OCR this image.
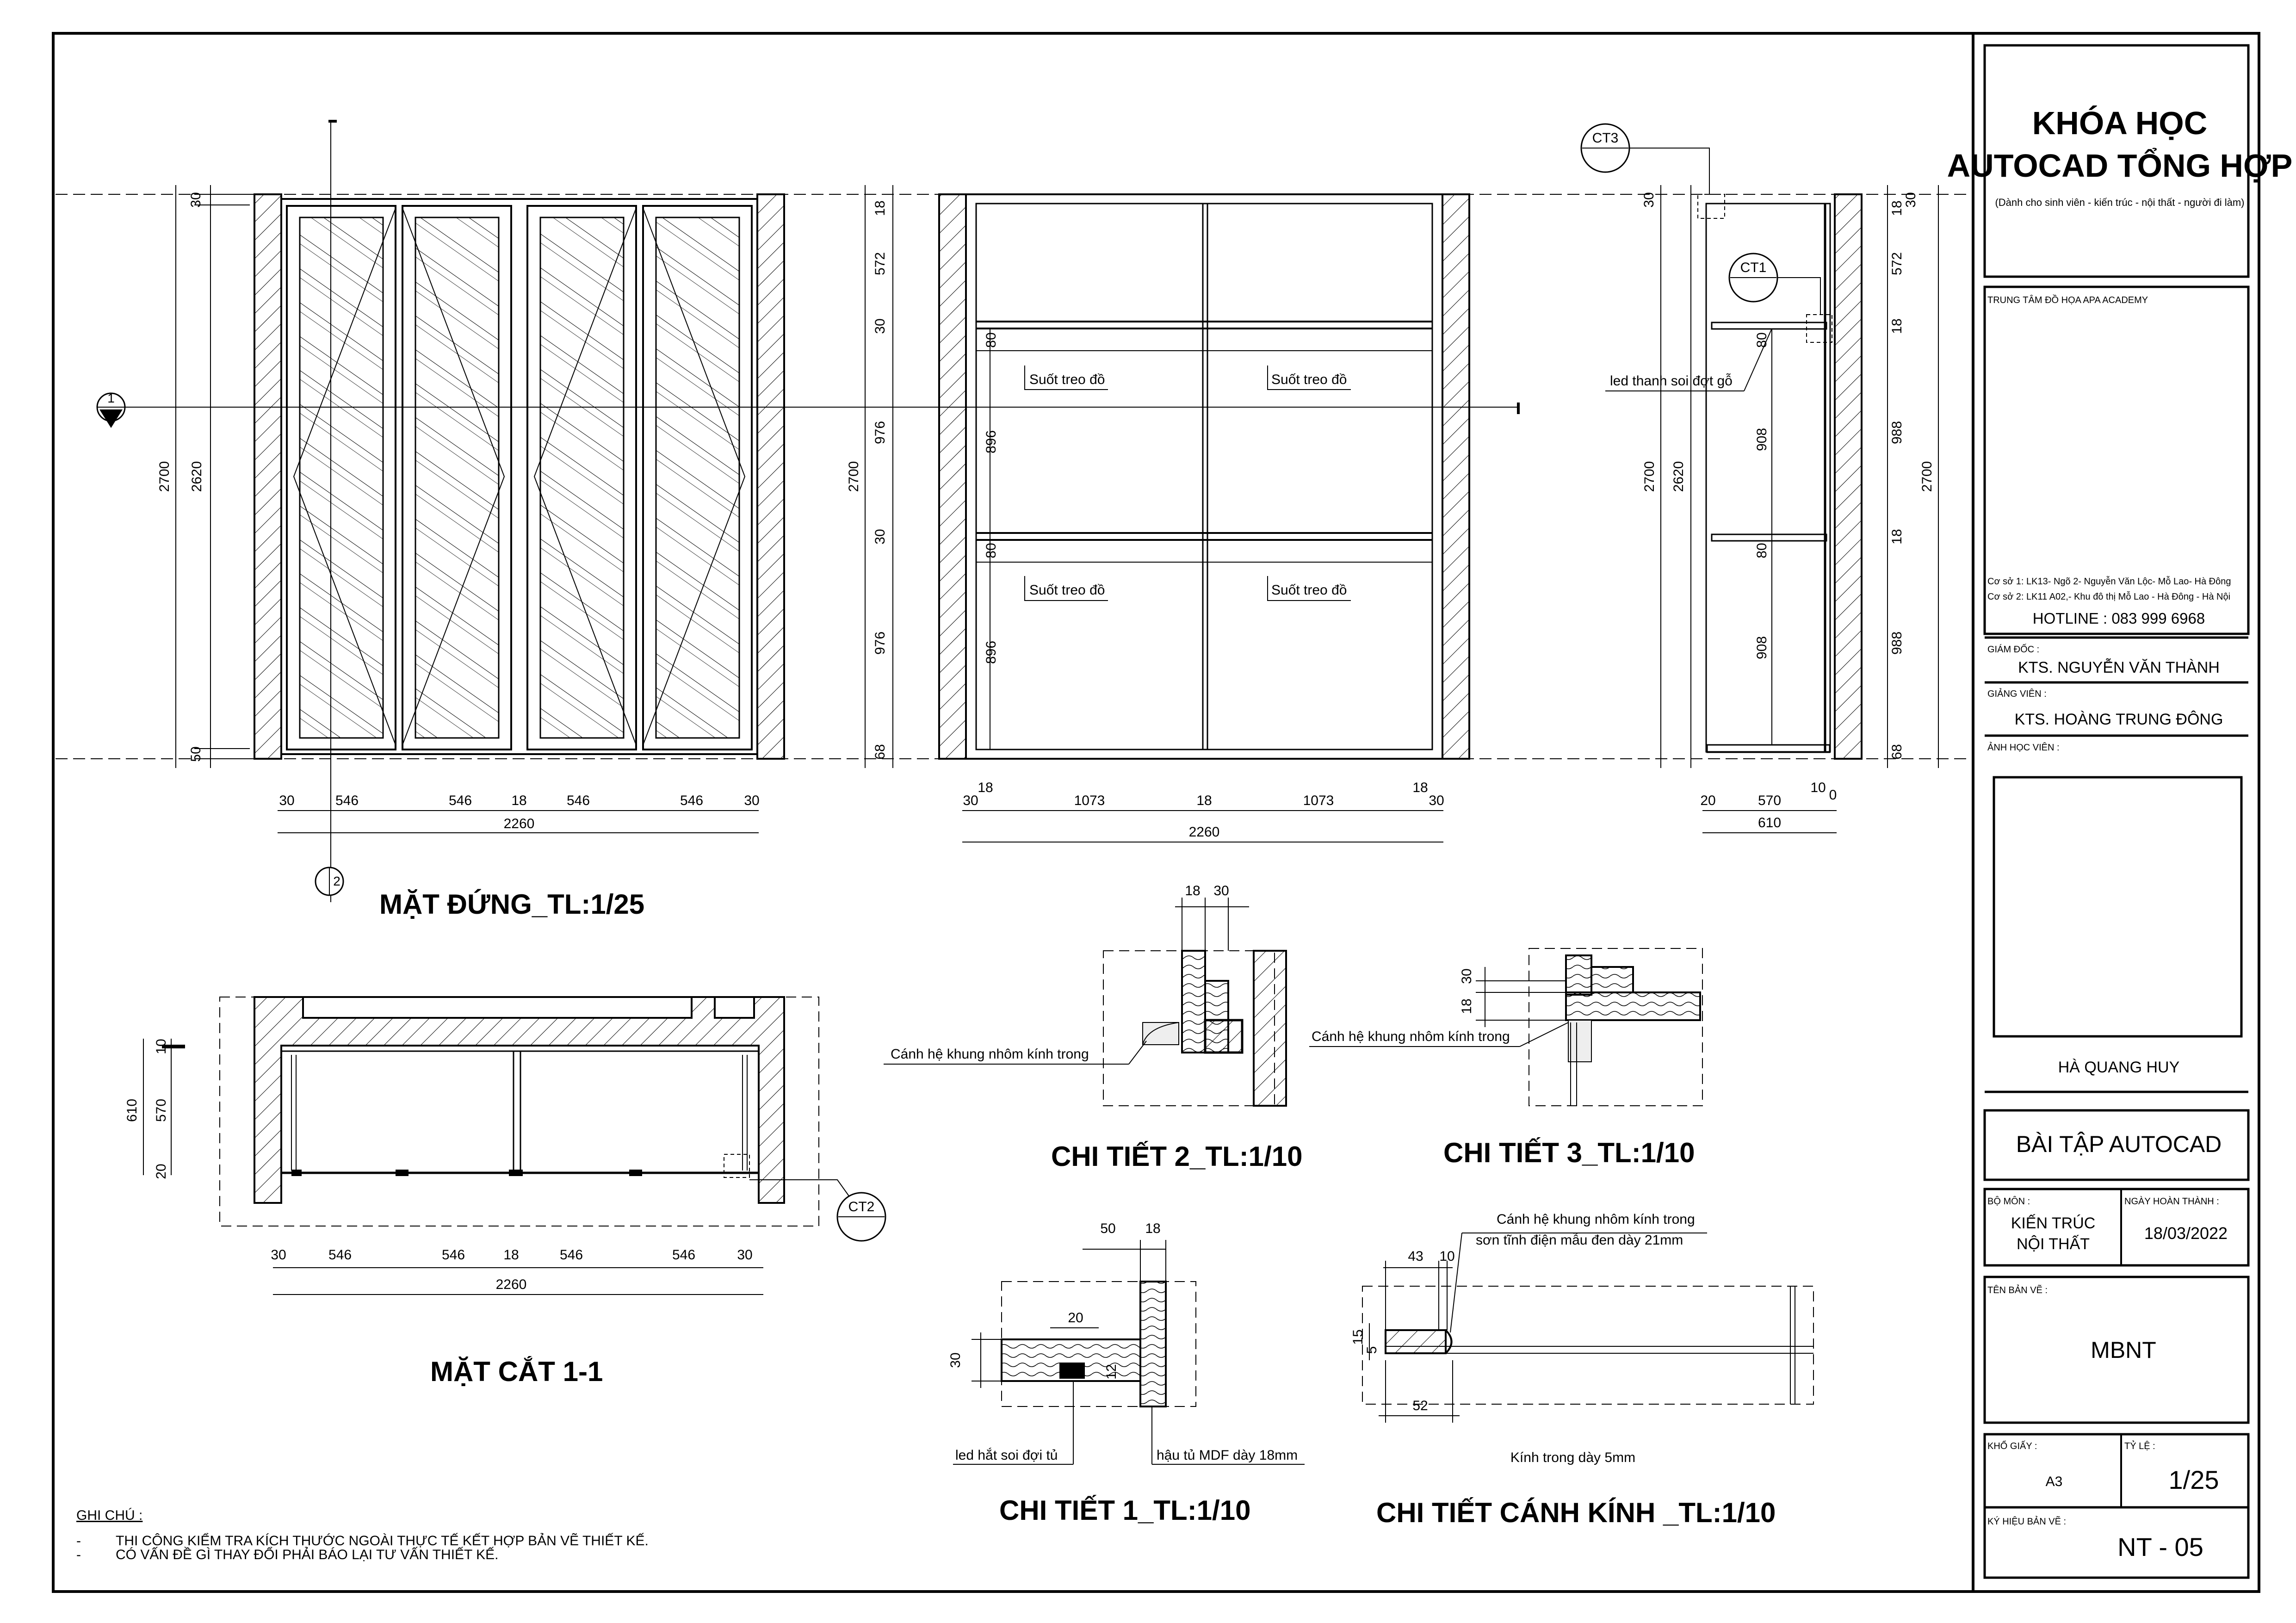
KHÓA HỌC
AUTOCAD TỔNG HỢP
(Dành cho sinh viên - kiến trúc - nội thất - người đi làm)
TRUNG TÂM ĐỒ HỌA APA ACADEMY
Cơ sở 1: LK13- Ngõ 2- Nguyễn Văn Lộc- Mỗ Lao- Hà Đông
Cơ sở 2: LK11 A02,- Khu đô thị Mỗ Lao - Hà Đông - Hà Nội
HOTLINE : 083 999 6968
GIÁM ĐỐC :
KTS. NGUYỄN VĂN THÀNH
GIẢNG VIÊN :
KTS. HOÀNG TRUNG ĐÔNG
ẢNH HỌC VIÊN :
HÀ QUANG HUY
BÀI TẬP AUTOCAD
BỘ MÔN :
KIẾN TRÚC
NỘI THẤT
NGÀY HOÀN THÀNH :
18/03/2022
TÊN BẢN VẼ :
MBNT
KHỔ GIẤY :
A3
TỶ LỆ :
1/25
KÝ HIỆU BẢN VẼ :
NT - 05
1
2
30
50
2620
2700
30	546	546	18	546	546	30
2260
MẶT ĐỨNG_TL:1/25
Suốt treo đồ	Suốt treo đồ
Suốt treo đồ	Suốt treo đồ
80
896
80
896
2700
18
572
30
976
30
976
68
30
18
1073	18	1073
18
30
2260
CT3
CT1
led thanh soi đợt gỗ
30
2620
2700
80
908
80
908
18
30
572
18
988
18
988
68
2700
20	570
10 0
610
CT2
10
610 570
20
30	546	546	18	546	546	30
2260
MẶT CẮT 1-1
18 30
Cánh hệ khung nhôm kính trong
CHI TIẾT 2_TL:1/10
30
18
Cánh hệ khung nhôm kính trong
CHI TIẾT 3_TL:1/10
20
50 18
30
12
led hắt soi đợi tủ	hậu tủ MDF dày 18mm
CHI TIẾT 1_TL:1/10
43 10
15
5
52
Cánh hệ khung nhôm kính trong
sơn tĩnh điện mẫu đen dày 21mm
Kính trong dày 5mm
CHI TIẾT CÁNH KÍNH _TL:1/10
GHI CHÚ :
-	THI CÔNG KIỂM TRA KÍCH THƯỚC NGOÀI THỰC TẾ KẾT HỢP BẢN VẼ THIẾT KẾ.
-	CÓ VẤN ĐỀ GÌ THAY ĐỔI PHẢI BÁO LẠI TƯ VẤN THIẾT KẾ.
